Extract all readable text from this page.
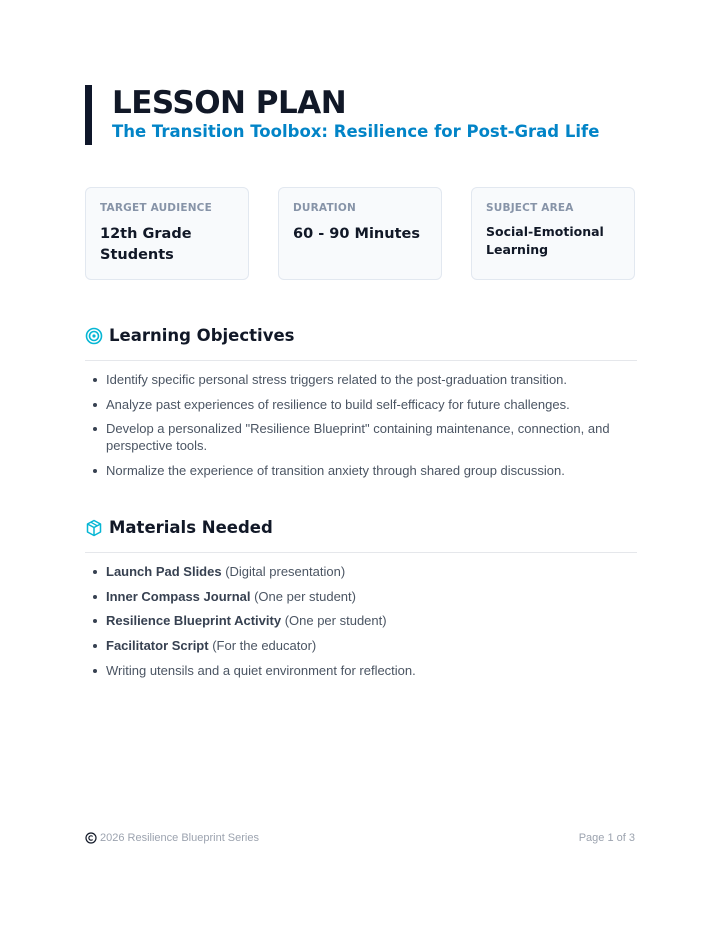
LESSON PLAN
The Transition Toolbox: Resilience for Post-Grad Life
TARGET AUDIENCE
12th Grade Students
DURATION
60 - 90 Minutes
SUBJECT AREA
Social-Emotional Learning
Learning Objectives
Identify specific personal stress triggers related to the post-graduation transition.
Analyze past experiences of resilience to build self-efficacy for future challenges.
Develop a personalized "Resilience Blueprint" containing maintenance, connection, and perspective tools.
Normalize the experience of transition anxiety through shared group discussion.
Materials Needed
Launch Pad Slides (Digital presentation)
Inner Compass Journal (One per student)
Resilience Blueprint Activity (One per student)
Facilitator Script (For the educator)
Writing utensils and a quiet environment for reflection.
2026 Resilience Blueprint Series	Page 1 of 3
